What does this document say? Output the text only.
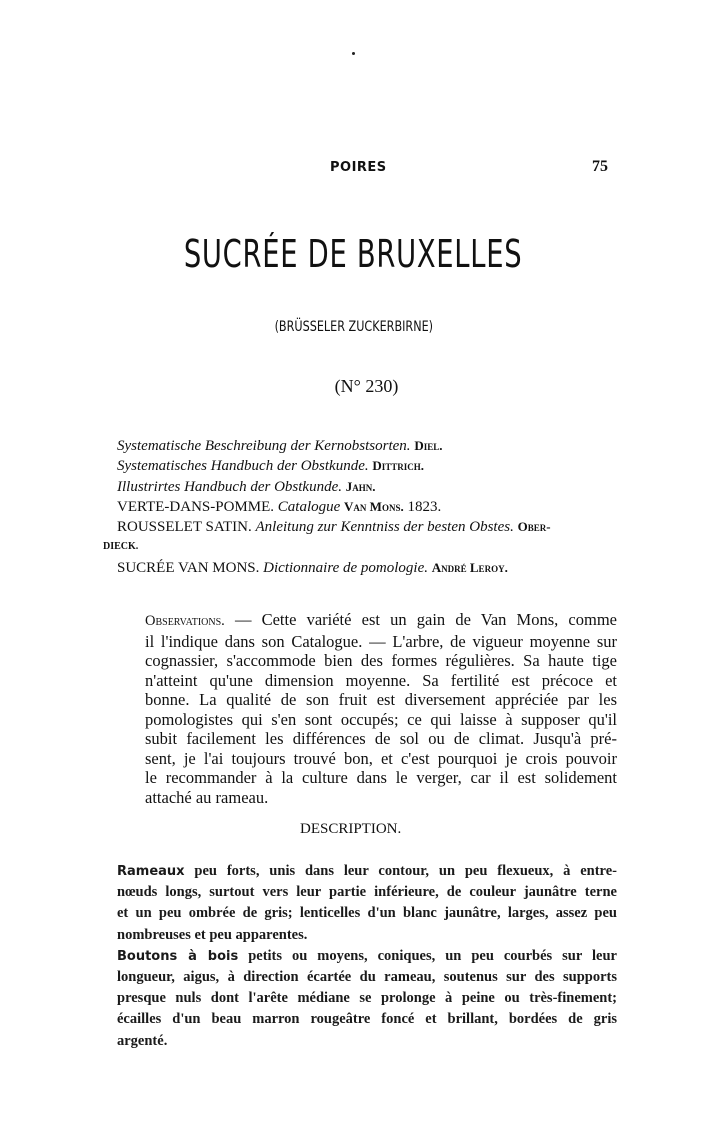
POIRES	75
SUCRÉE DE BRUXELLES
(BRÜSSELER ZUCKERBIRNE)
(N° 230)
Systematische Beschreibung der Kernobstsorten. Diel.
Systematisches Handbuch der Obstkunde. Dittrich.
Illustrirtes Handbuch der Obstkunde. Jahn.
VERTE-DANS-POMME. Catalogue Van Mons. 1823.
ROUSSELET SATIN. Anleitung zur Kenntniss der besten Obstes. Ober-
DIECK.
SUCRÉE VAN MONS. Dictionnaire de pomologie. André Leroy.
Observations. — Cette variété est un gain de Van Mons, comme
il l'indique dans son Catalogue. — L'arbre, de vigueur moyenne sur
cognassier, s'accommode bien des formes régulières. Sa haute tige
n'atteint qu'une dimension moyenne. Sa fertilité est précoce et
bonne. La qualité de son fruit est diversement appréciée par les
pomologistes qui s'en sont occupés; ce qui laisse à supposer qu'il
subit facilement les différences de sol ou de climat. Jusqu'à pré-
sent, je l'ai toujours trouvé bon, et c'est pourquoi je crois pouvoir
le recommander à la culture dans le verger, car il est solidement
attaché au rameau.
DESCRIPTION.
Rameaux peu forts, unis dans leur contour, un peu flexueux, à entre-
nœuds longs, surtout vers leur partie inférieure, de couleur jaunâtre terne
et un peu ombrée de gris; lenticelles d'un blanc jaunâtre, larges, assez peu
nombreuses et peu apparentes.
Boutons à bois petits ou moyens, coniques, un peu courbés sur leur
longueur, aigus, à direction écartée du rameau, soutenus sur des supports
presque nuls dont l'arête médiane se prolonge à peine ou très-finement;
écailles d'un beau marron rougeâtre foncé et brillant, bordées de gris
argenté.
